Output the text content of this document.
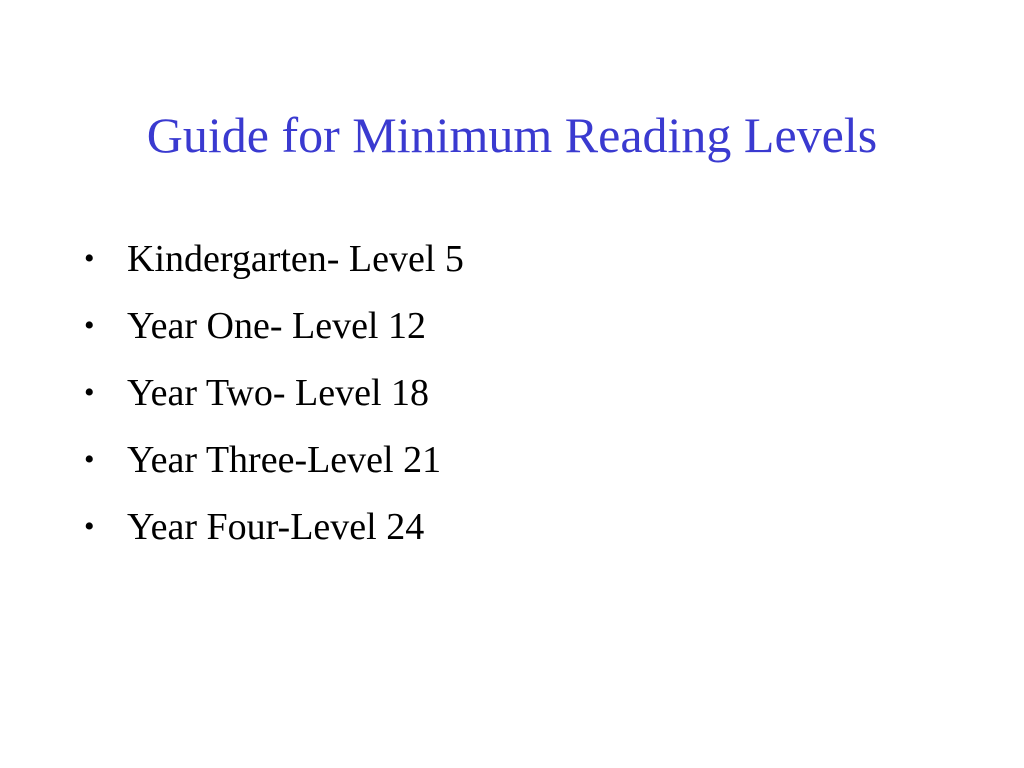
Guide for Minimum Reading Levels
• Kindergarten- Level 5
• Year One- Level 12
• Year Two- Level 18
• Year Three-Level 21
• Year Four-Level 24
